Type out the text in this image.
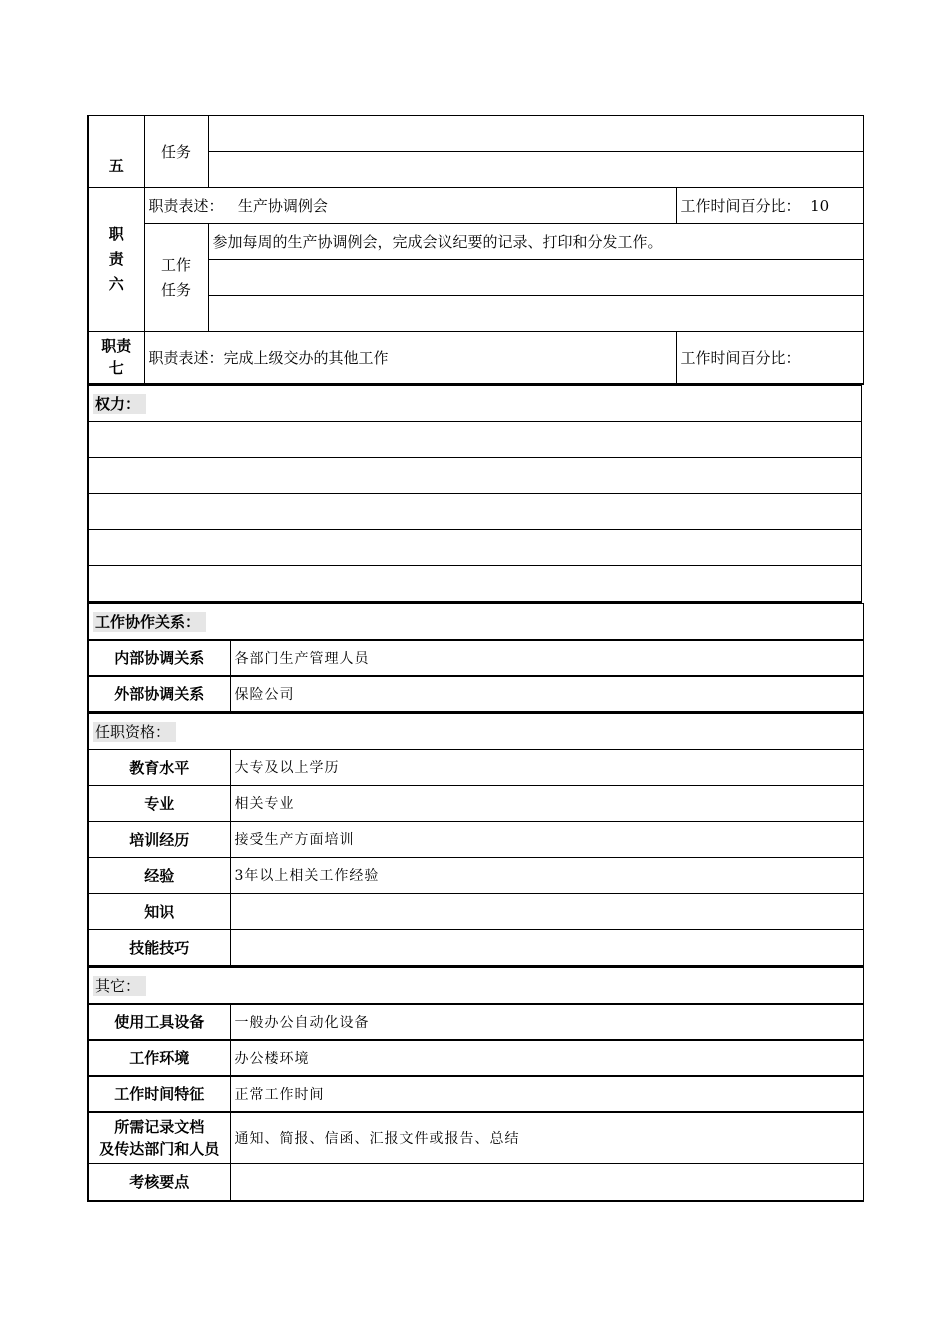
五	任务		

职
责
六	职责表述： 生产协调例会		工作时间百分比： 10
	工作
任务	参加每周的生产协调例会，完成会议纪要的记录、打印和分发工作。	

职责
七	职责表述：完成上级交办的其他工作		工作时间百分比：
权力：

工作协作关系：	
内部协调关系	各部门生产管理人员
外部协调关系	保险公司
任职资格：	
教育水平	大专及以上学历
专业	相关专业
培训经历	接受生产方面培训
经验	3年以上相关工作经验
知识	
技能技巧	
其它：	
使用工具设备	一般办公自动化设备
工作环境	办公楼环境
工作时间特征	正常工作时间
所需记录文档
及传达部门和人员	通知、简报、信函、汇报文件或报告、总结
考核要点	
